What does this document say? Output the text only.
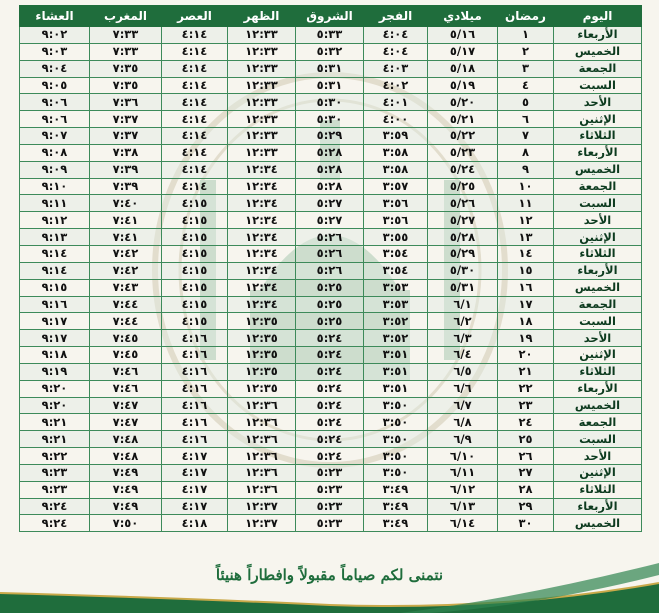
اليوم	رمضان	ميلادي	الفجر	الشروق	الظهر	العصر	المغرب	العشاء
الأربعاء	١	٥/١٦	٤:٠٤	٥:٣٣	١٢:٣٣	٤:١٤	٧:٣٣	٩:٠٢
الخميس	٢	٥/١٧	٤:٠٤	٥:٣٢	١٢:٣٣	٤:١٤	٧:٣٣	٩:٠٣
الجمعة	٣	٥/١٨	٤:٠٣	٥:٣١	١٢:٣٣	٤:١٤	٧:٣٥	٩:٠٤
السبت	٤	٥/١٩	٤:٠٢	٥:٣١	١٢:٣٣	٤:١٤	٧:٣٥	٩:٠٥
الأحد	٥	٥/٢٠	٤:٠١	٥:٣٠	١٢:٣٣	٤:١٤	٧:٣٦	٩:٠٦
الإثنين	٦	٥/٢١	٤:٠٠	٥:٣٠	١٢:٣٣	٤:١٤	٧:٣٧	٩:٠٦
الثلاثاء	٧	٥/٢٢	٣:٥٩	٥:٢٩	١٢:٣٣	٤:١٤	٧:٣٧	٩:٠٧
الأربعاء	٨	٥/٢٣	٣:٥٨	٥:٢٨	١٢:٣٣	٤:١٤	٧:٣٨	٩:٠٨
الخميس	٩	٥/٢٤	٣:٥٨	٥:٢٨	١٢:٣٤	٤:١٤	٧:٣٩	٩:٠٩
الجمعة	١٠	٥/٢٥	٣:٥٧	٥:٢٨	١٢:٣٤	٤:١٤	٧:٣٩	٩:١٠
السبت	١١	٥/٢٦	٣:٥٦	٥:٢٧	١٢:٣٤	٤:١٥	٧:٤٠	٩:١١
الأحد	١٢	٥/٢٧	٣:٥٦	٥:٢٧	١٢:٣٤	٤:١٥	٧:٤١	٩:١٢
الإثنين	١٣	٥/٢٨	٣:٥٥	٥:٢٦	١٢:٣٤	٤:١٥	٧:٤١	٩:١٣
الثلاثاء	١٤	٥/٢٩	٣:٥٤	٥:٢٦	١٢:٣٤	٤:١٥	٧:٤٢	٩:١٤
الأربعاء	١٥	٥/٣٠	٣:٥٤	٥:٢٦	١٢:٣٤	٤:١٥	٧:٤٢	٩:١٤
الخميس	١٦	٥/٣١	٣:٥٣	٥:٢٥	١٢:٣٤	٤:١٥	٧:٤٣	٩:١٥
الجمعة	١٧	٦/١	٣:٥٣	٥:٢٥	١٢:٣٤	٤:١٥	٧:٤٤	٩:١٦
السبت	١٨	٦/٢	٣:٥٢	٥:٢٥	١٢:٣٥	٤:١٥	٧:٤٤	٩:١٧
الأحد	١٩	٦/٣	٣:٥٢	٥:٢٤	١٢:٣٥	٤:١٦	٧:٤٥	٩:١٧
الإثنين	٢٠	٦/٤	٣:٥١	٥:٢٤	١٢:٣٥	٤:١٦	٧:٤٥	٩:١٨
الثلاثاء	٢١	٦/٥	٣:٥١	٥:٢٤	١٢:٣٥	٤:١٦	٧:٤٦	٩:١٩
الأربعاء	٢٢	٦/٦	٣:٥١	٥:٢٤	١٢:٣٥	٤:١٦	٧:٤٦	٩:٢٠
الخميس	٢٣	٦/٧	٣:٥٠	٥:٢٤	١٢:٣٦	٤:١٦	٧:٤٧	٩:٢٠
الجمعة	٢٤	٦/٨	٣:٥٠	٥:٢٤	١٢:٣٦	٤:١٦	٧:٤٧	٩:٢١
السبت	٢٥	٦/٩	٣:٥٠	٥:٢٤	١٢:٣٦	٤:١٦	٧:٤٨	٩:٢١
الأحد	٢٦	٦/١٠	٣:٥٠	٥:٢٤	١٢:٣٦	٤:١٧	٧:٤٨	٩:٢٢
الإثنين	٢٧	٦/١١	٣:٥٠	٥:٢٣	١٢:٣٦	٤:١٧	٧:٤٩	٩:٢٣
الثلاثاء	٢٨	٦/١٢	٣:٤٩	٥:٢٣	١٢:٣٦	٤:١٧	٧:٤٩	٩:٢٣
الأربعاء	٢٩	٦/١٣	٣:٤٩	٥:٢٣	١٢:٣٧	٤:١٧	٧:٤٩	٩:٢٤
الخميس	٣٠	٦/١٤	٣:٤٩	٥:٢٣	١٢:٣٧	٤:١٨	٧:٥٠	٩:٢٤
نتمنى لكم صياماً مقبولاً وافطاراً هنيئاً
